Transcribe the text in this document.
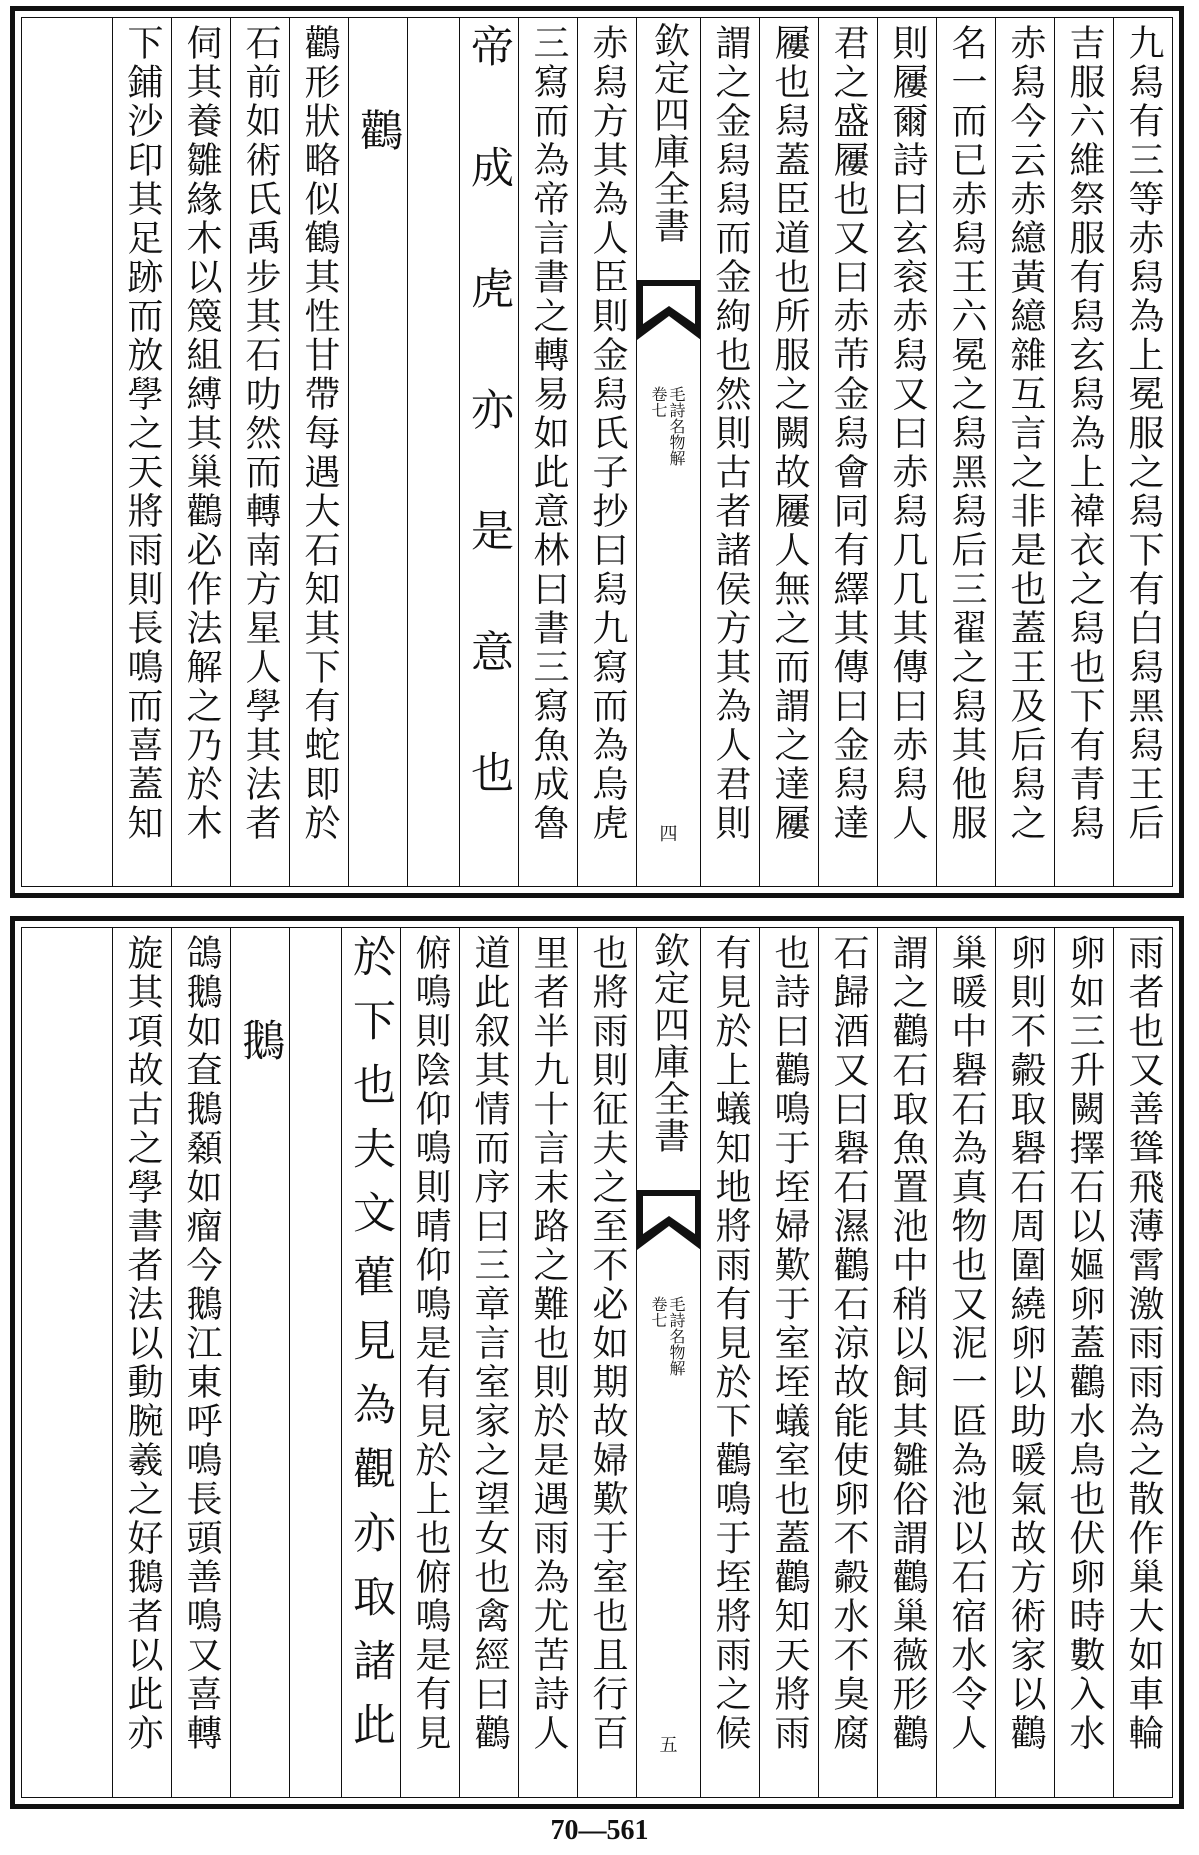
九舄有三等赤舄為上冕服之舄下有白舄黑舄王后
吉服六維祭服有舄玄舄為上褘衣之舄也下有青舄
赤舄今云赤繶黃繶雜互言之非是也蓋王及后舄之
名一而已赤舄王六冕之舄黑舄后三翟之舄其他服
則屨爾詩曰玄衮赤舄又曰赤舄几几其傳曰赤舄人
君之盛屨也又曰赤芾金舄會同有繹其傳曰金舄達
屨也舄蓋臣道也所服之闕故屨人無之而謂之達屨
謂之金舄舄而金絇也然則古者諸侯方其為人君則
欽定四庫全書
毛詩名物解
卷七
四
赤舄方其為人臣則金舄氏子抄曰舄九寫而為烏虎
三寫而為帝言書之轉易如此意林曰書三寫魚成魯
帝成虎亦是意也
鸛
鸛形狀略似鶴其性甘帶每遇大石知其下有蛇即於
石前如術氏禹步其石叻然而轉南方星人學其法者
伺其養雛緣木以篾組縛其巢鸛必作法解之乃於木
下鋪沙印其足跡而放學之天將雨則長鳴而喜蓋知
雨者也又善聳飛薄霄激雨雨為之散作巢大如車輪
卵如三升闕擇石以嫗卵蓋鸛水鳥也伏卵時數入水
卵則不㲉取礜石周圍繞卵以助暖氣故方術家以鸛
巢暖中礜石為真物也又泥一㔯為池以石宿水令人
謂之鸛石取魚置池中稍以飼其雛俗謂鸛巢薇形鸛
石歸酒又曰礜石濕鸛石涼故能使卵不㲉水不臭腐
也詩曰鸛鳴于垤婦歎于室垤蟻室也蓋鸛知天將雨
有見於上蟻知地將雨有見於下鸛鳴于垤將雨之候
欽定四庫全書
毛詩名物解
卷七
五
也將雨則征夫之至不必如期故婦歎于室也且行百
里者半九十言末路之難也則於是遇雨為尤苦詩人
道此叙其情而序曰三章言室家之望女也禽經曰鸛
俯鳴則陰仰鳴則晴仰鳴是有見於上也俯鳴是有見
於下也夫文雚見為觀亦取諸此
鵝
鴿鵝如㚗鵝顙如瘤今鵝江東呼鳴長頭善鳴又喜轉
旋其項故古之學書者法以動腕羲之好鵝者以此亦
70—561
